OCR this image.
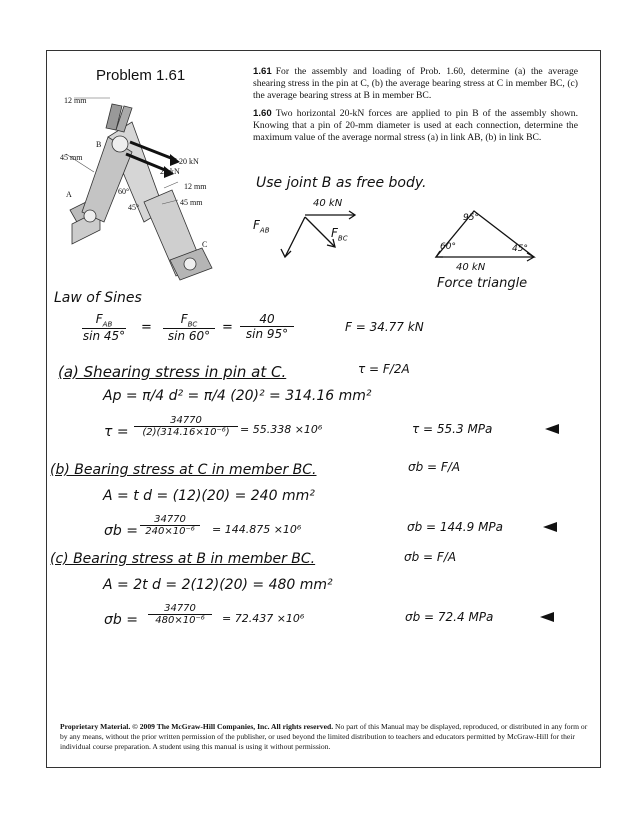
Problem 1.61	1.61 For the assembly and loading of Prob. 1.60, determine (a) the average shearing stress in the pin at C, (b) the average bearing stress at C in member BC, (c) the average bearing stress at B in member BC.
1.60 Two horizontal 20-kN forces are applied to pin B of the assembly shown. Knowing that a pin of 20-mm diameter is used at each connection, determine the maximum value of the average normal stress (a) in link AB, (b) in link BC.
12 mm
45 mm	20 kN
20 kN
12 mm
45 mm
60°
45°
A
B
C
Use joint B as free body.
40 kN
$F_{AB}$	$F_{BC}$
95°
60°	45°
40 kN
Force triangle
Law of Sines
$F_{AB}$
sin 45°
=
$F_{BC}$
sin 60°
= $\frac{40}{\sin 95^\circ}$	F = 34.77 kN
(a) Shearing stress in pin at C.	τ = F/2A
Ap = π/4 d² = π/4 (20)² = 314.16 mm²
$\tau = \frac{34770}{\text{(2)(314.16×10⁻⁶)}} = 55.338 \times 10^6$	τ = 55.3 MPa
(b) Bearing stress at C in member BC.	σb = F/A
A = t d = (12)(20) = 240 mm²
$\sigma b = \frac{34770}{\text{240×10⁻⁶}} = 144.875 \times 10^6$	σb = 144.9 MPa
(c) Bearing stress at B in member BC.	σb = F/A
A = 2t d = 2(12)(20) = 480 mm²
$\sigma b = \frac{34770}{\text{480×10⁻⁶}} = 72.437 \times 10^6$	σb = 72.4 MPa
Proprietary Material. © 2009 The McGraw-Hill Companies, Inc. All rights reserved. No part of this Manual may be displayed, reproduced, or distributed in any form or by any means, without the prior written permission of the publisher, or used beyond the limited distribution to teachers and educators permitted by McGraw-Hill for their individual course preparation. A student using this manual is using it without permission.
